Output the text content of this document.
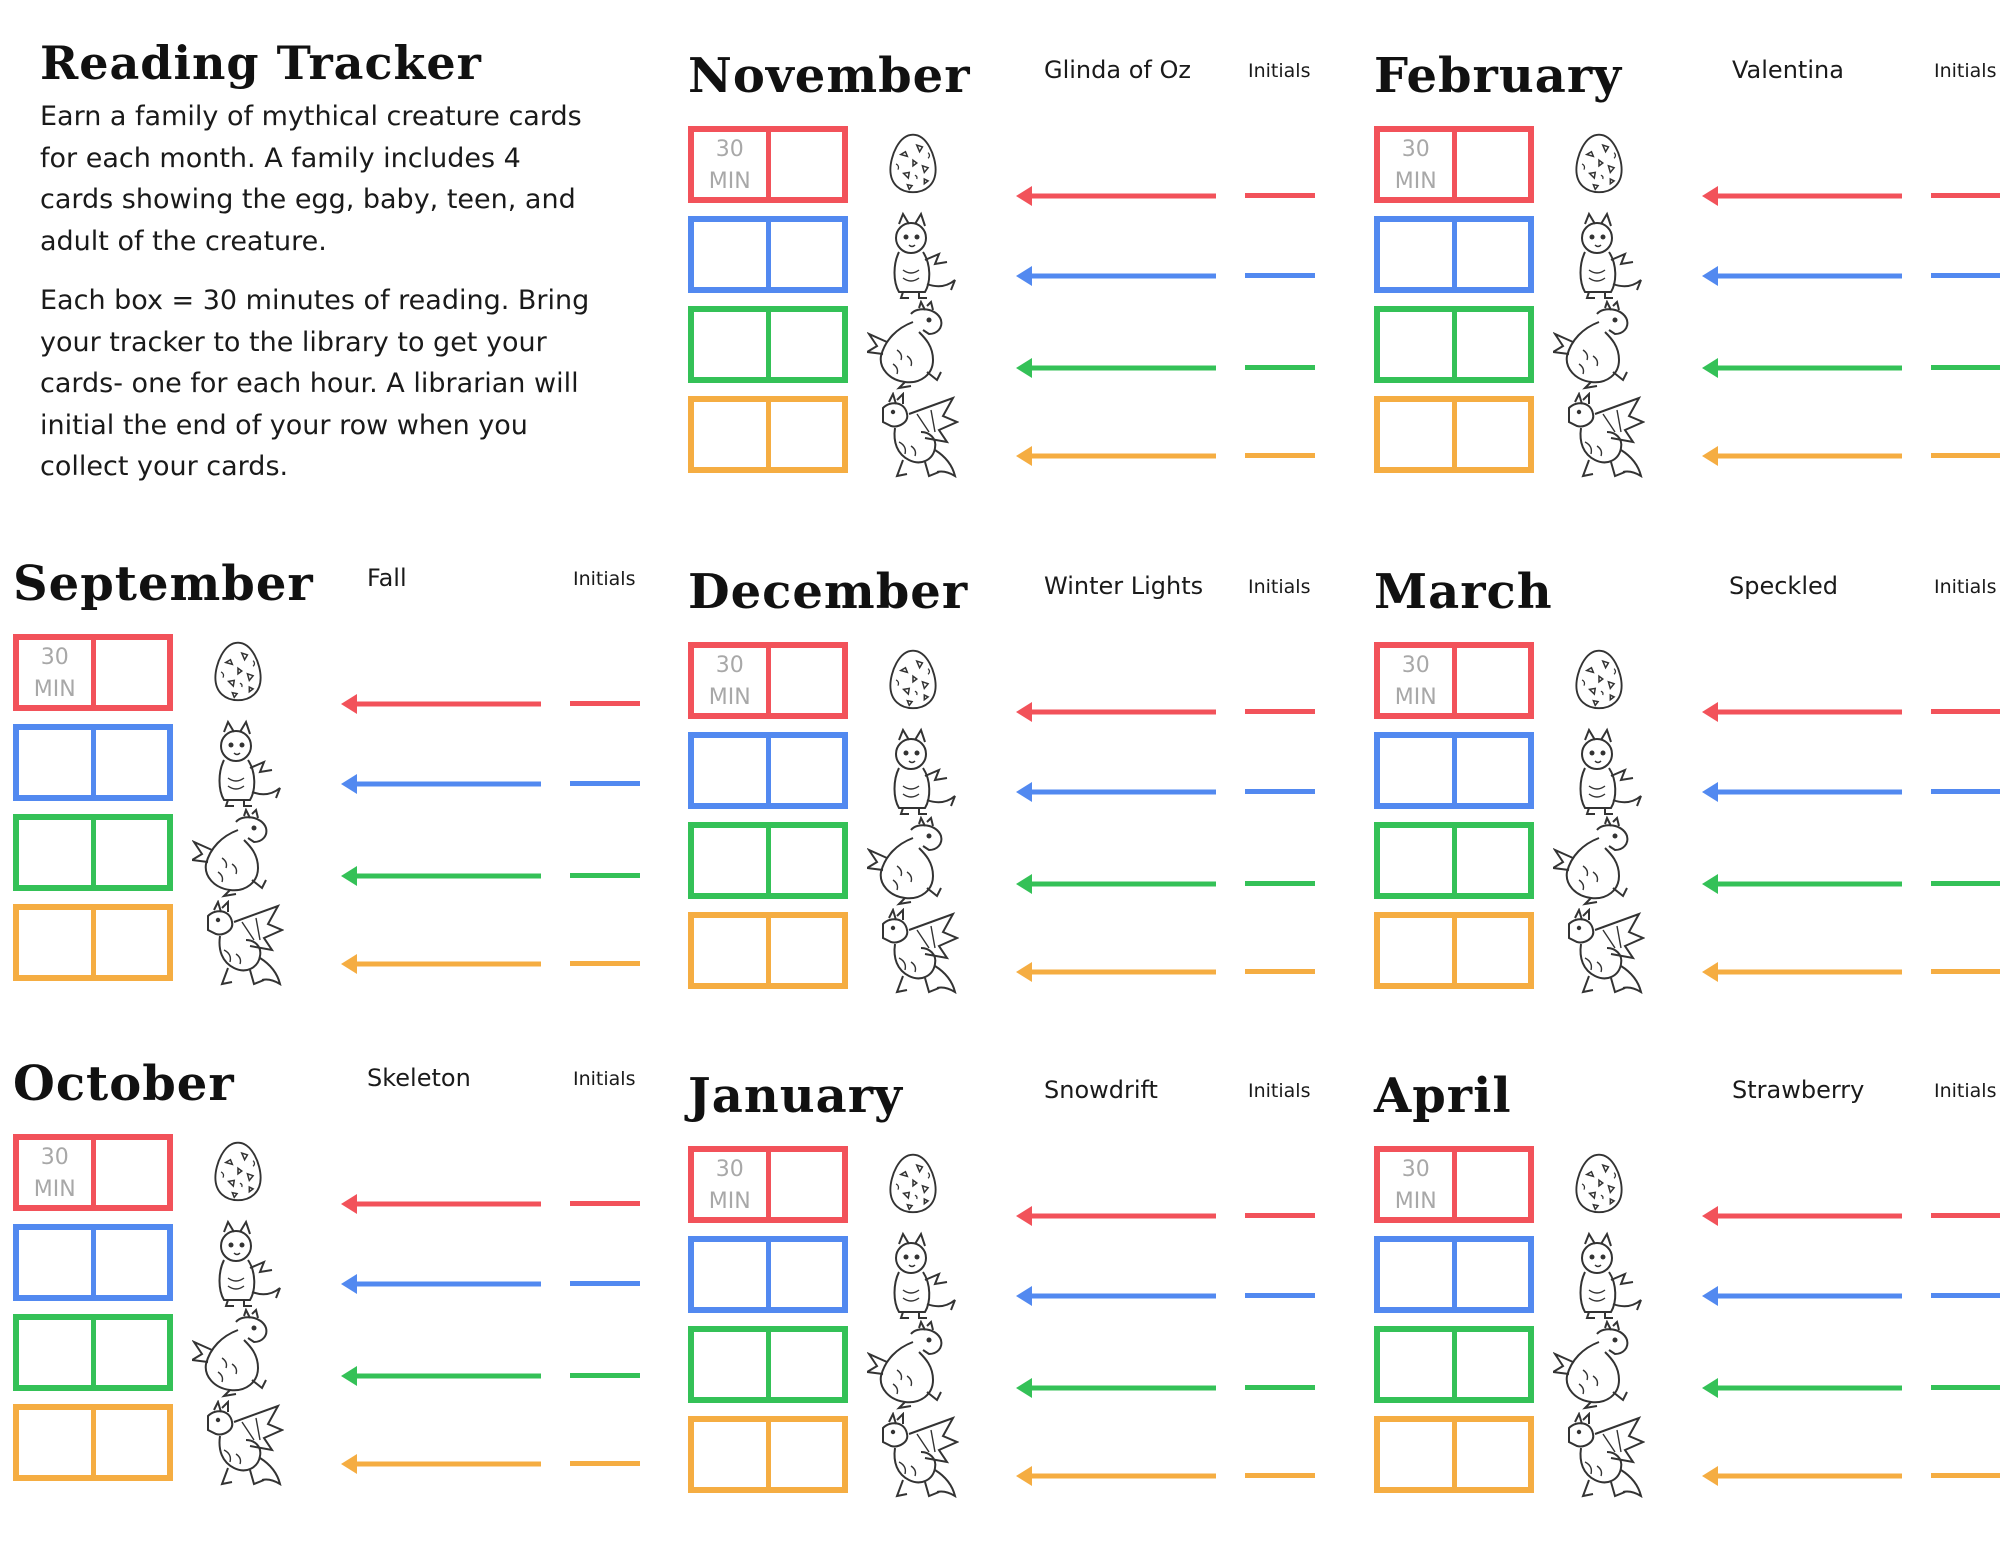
Reading Tracker

Earn a family of mythical creature cards for each month. A family includes 4 cards showing the egg, baby, teen, and adult of the creature.

Each box = 30 minutes of reading. Bring your tracker to the library to get your cards- one for each hour. A librarian will initial the end of your row when you collect your cards.

November	Glinda of Oz	Initials
30
MIN
February	Valentina	Initials
30
MIN
September Fall	Initials
30
MIN
December	Winter Lights Initials
30
MIN
March	Speckled	Initials
30
MIN
October	Skeleton	Initials
30
MIN
January	Snowdrift	Initials
30
MIN
April	Strawberry	Initials
30
MIN
